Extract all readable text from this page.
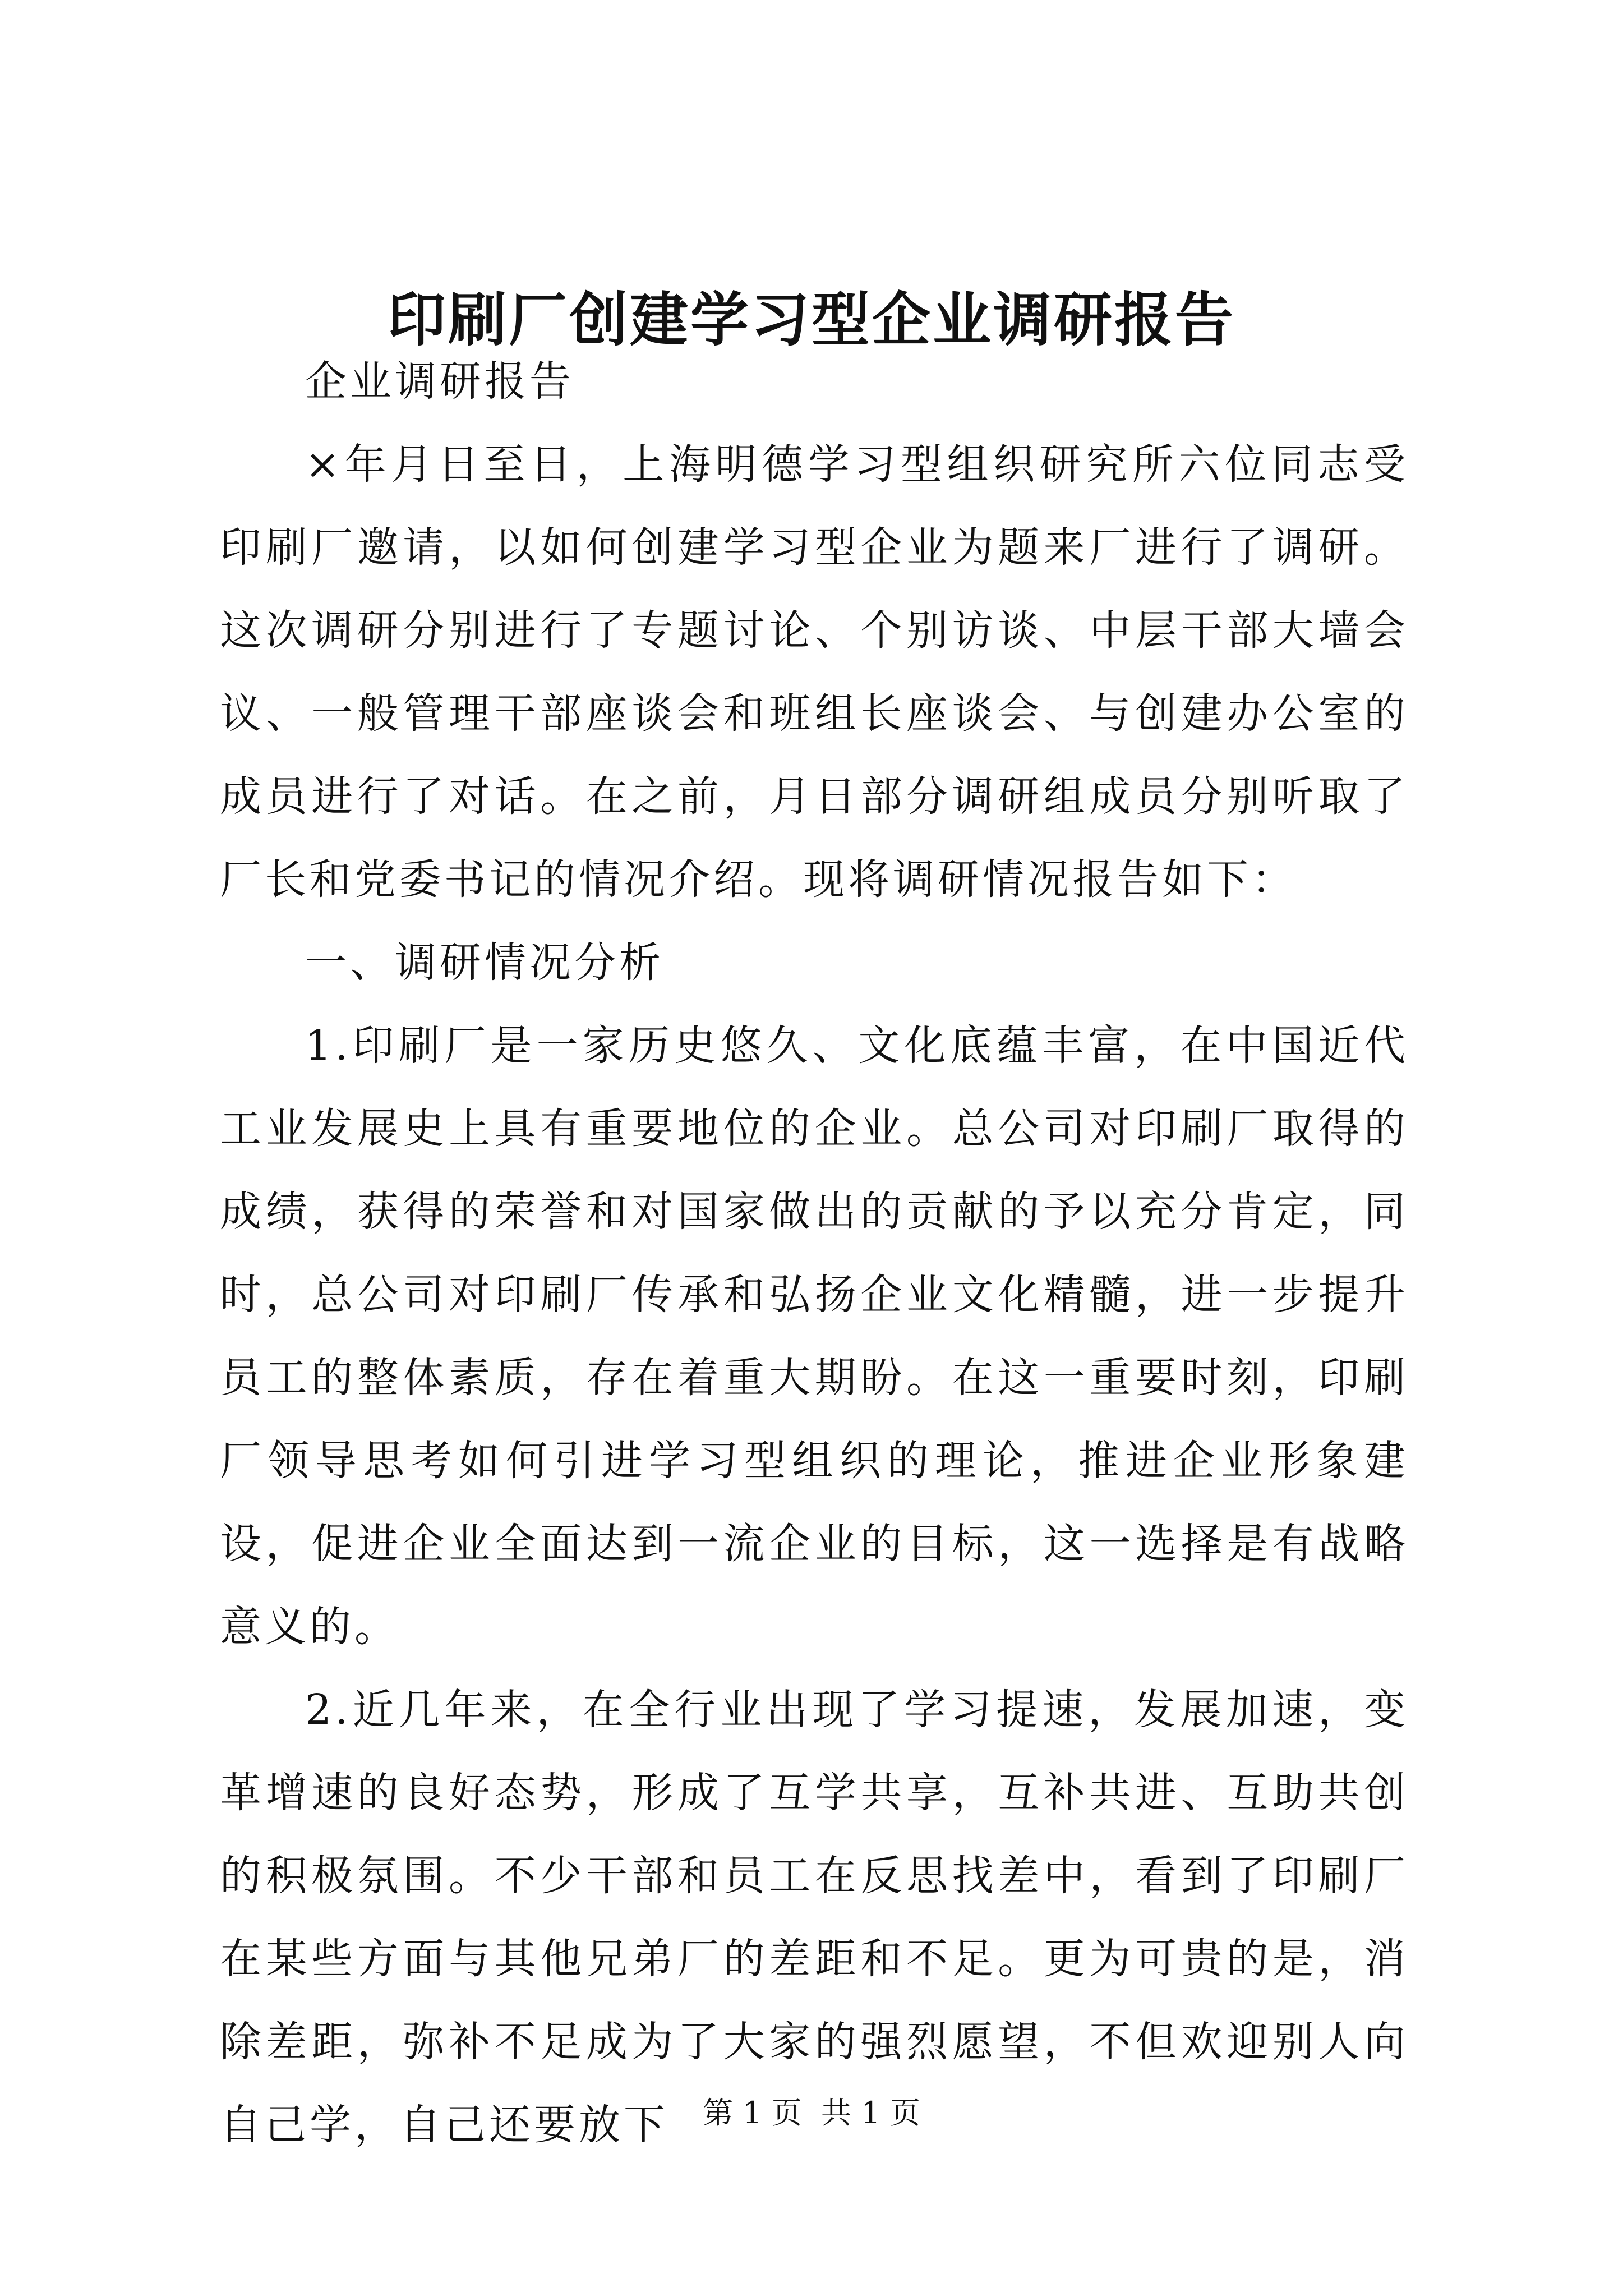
印刷厂创建学习型企业调研报告

企业调研报告

×年月日至日，上海明德学习型组织研究所六位同志受印刷厂邀请，以如何创建学习型企业为题来厂进行了调研。这次调研分别进行了专题讨论、个别访谈、中层干部大墙会议、一般管理干部座谈会和班组长座谈会、与创建办公室的成员进行了对话。在之前，月日部分调研组成员分别听取了厂长和党委书记的情况介绍。现将调研情况报告如下：

一、调研情况分析

1.印刷厂是一家历史悠久、文化底蕴丰富，在中国近代工业发展史上具有重要地位的企业。总公司对印刷厂取得的成绩，获得的荣誉和对国家做出的贡献的予以充分肯定，同时，总公司对印刷厂传承和弘扬企业文化精髓，进一步提升员工的整体素质，存在着重大期盼。在这一重要时刻，印刷厂领导思考如何引进学习型组织的理论，推进企业形象建设，促进企业全面达到一流企业的目标，这一选择是有战略意义的。

2.近几年来，在全行业出现了学习提速，发展加速，变革增速的良好态势，形成了互学共享，互补共进、互助共创的积极氛围。不少干部和员工在反思找差中，看到了印刷厂在某些方面与其他兄弟厂的差距和不足。更为可贵的是，消除差距，弥补不足成为了大家的强烈愿望，不但欢迎别人向自己学，自己还要放下	第 1 页  共 1 页
